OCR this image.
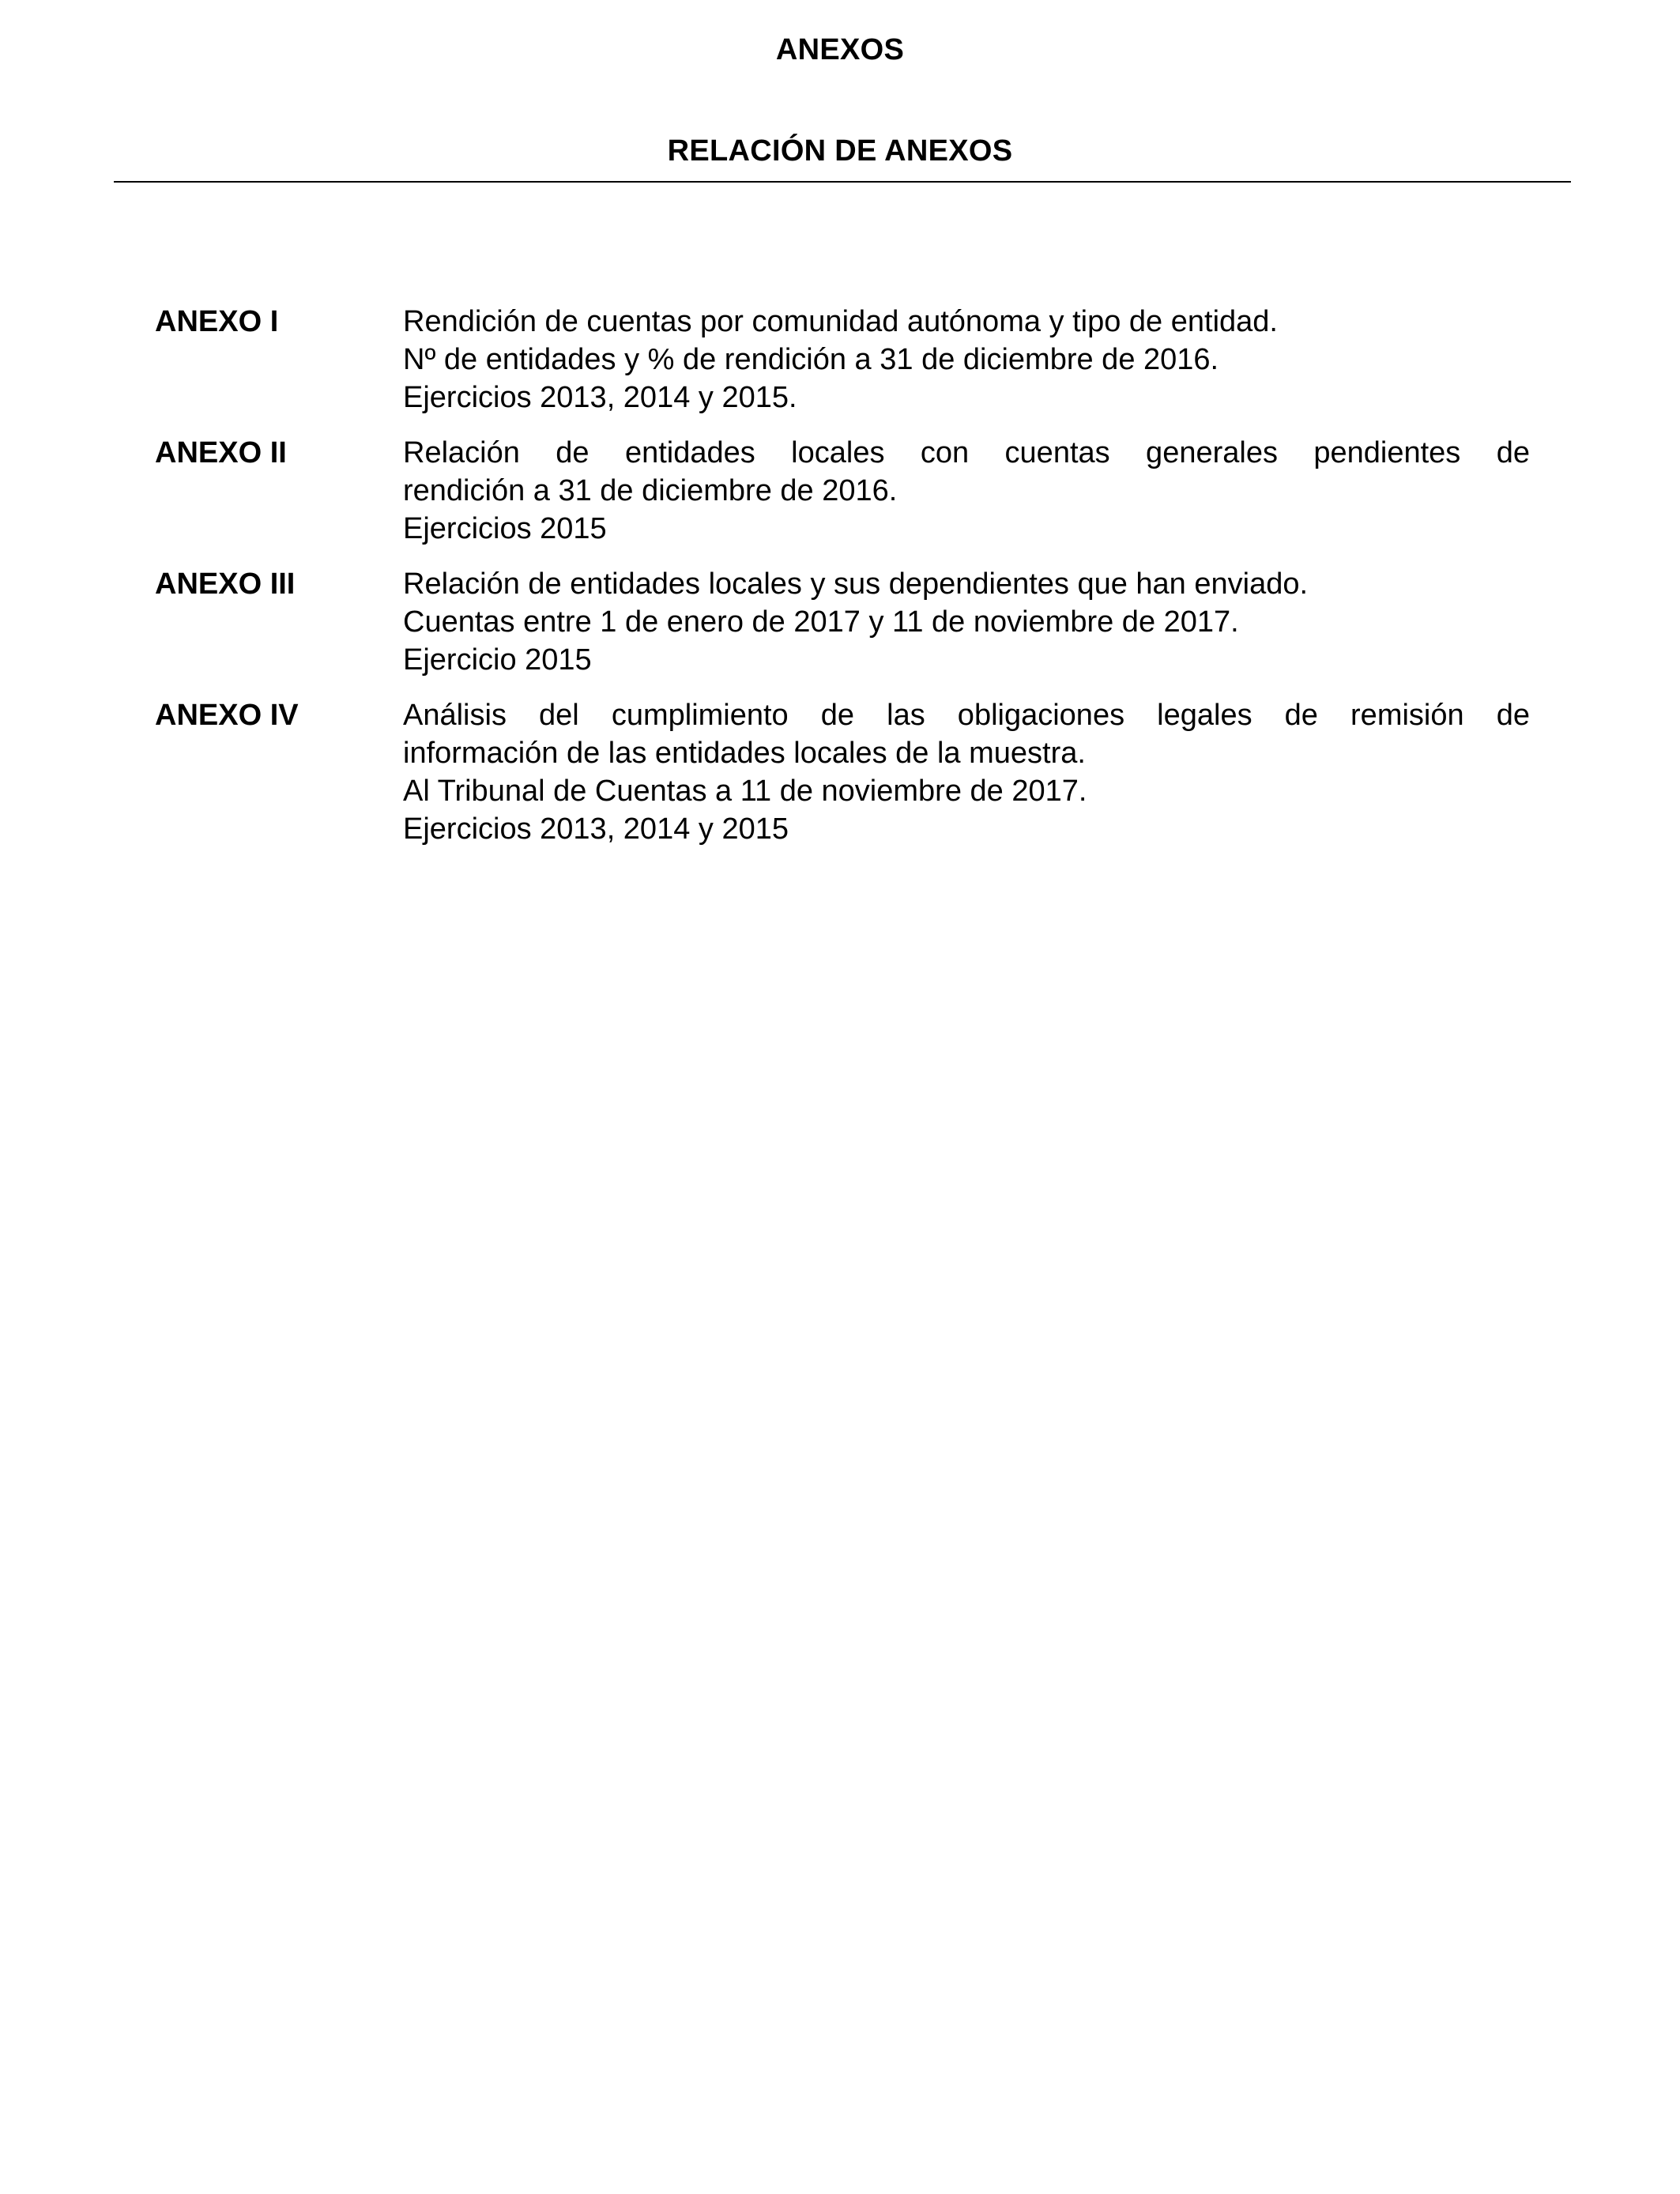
ANEXOS
RELACIÓN DE ANEXOS
ANEXO I	Rendición de cuentas por comunidad autónoma y tipo de entidad.
Nº de entidades y % de rendición a 31 de diciembre de 2016.
Ejercicios 2013, 2014 y 2015.
ANEXO II	Relación de entidades locales con cuentas generales pendientes de
rendición a 31 de diciembre de 2016.
Ejercicios 2015
ANEXO III	Relación de entidades locales y sus dependientes que han enviado.
Cuentas entre 1 de enero de 2017 y 11 de noviembre de 2017.
Ejercicio 2015
ANEXO IV	Análisis del cumplimiento de las obligaciones legales de remisión de
información de las entidades locales de la muestra.
Al Tribunal de Cuentas a 11 de noviembre de 2017.
Ejercicios 2013, 2014 y 2015
